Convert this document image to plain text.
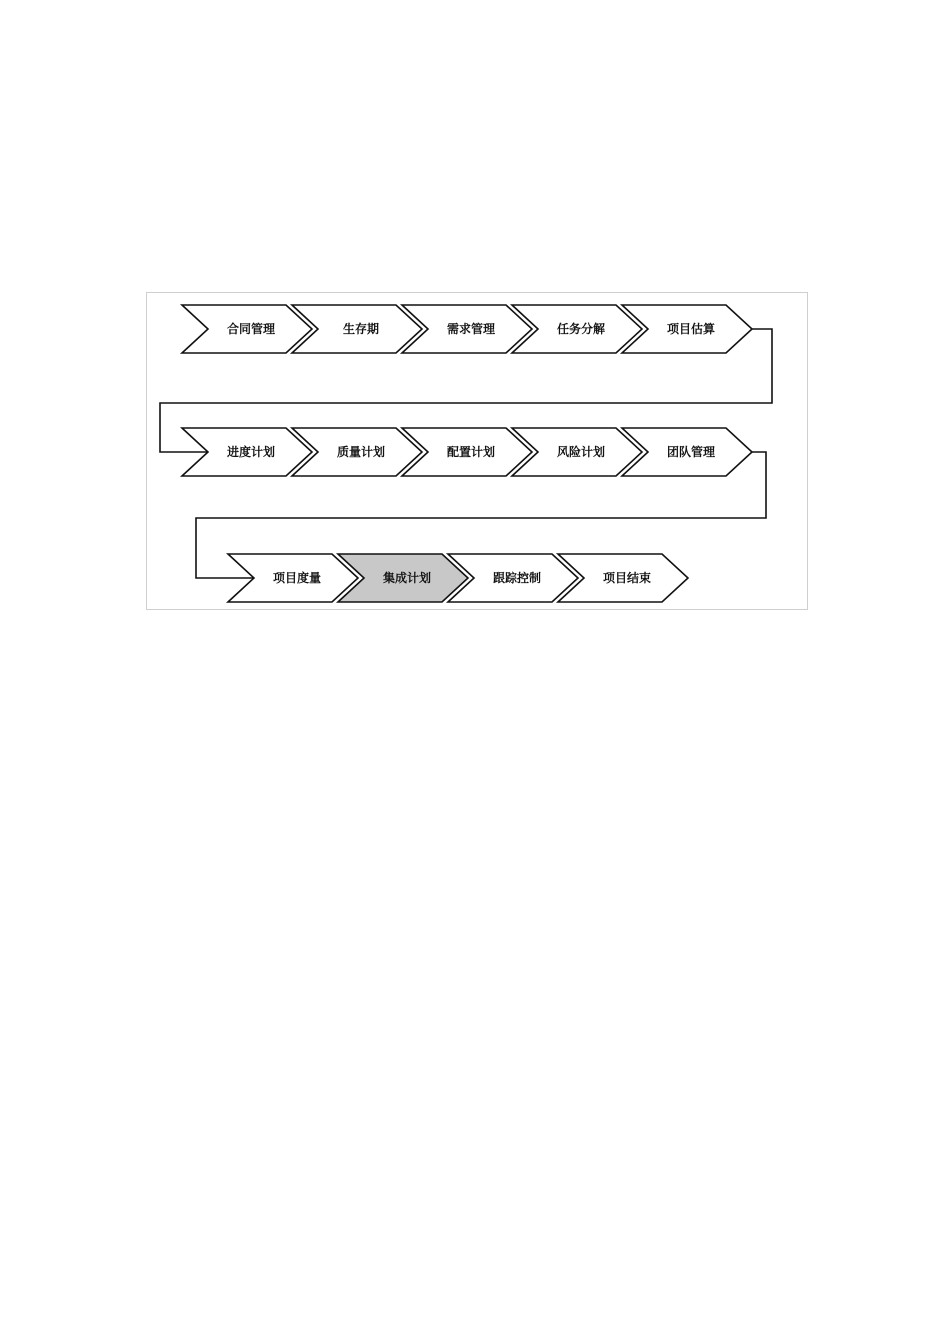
合同管理	生存期	需求管理	任务分解	项目估算
进度计划	质量计划	配置计划	风险计划	团队管理
项目度量	集成计划	跟踪控制	项目结束
